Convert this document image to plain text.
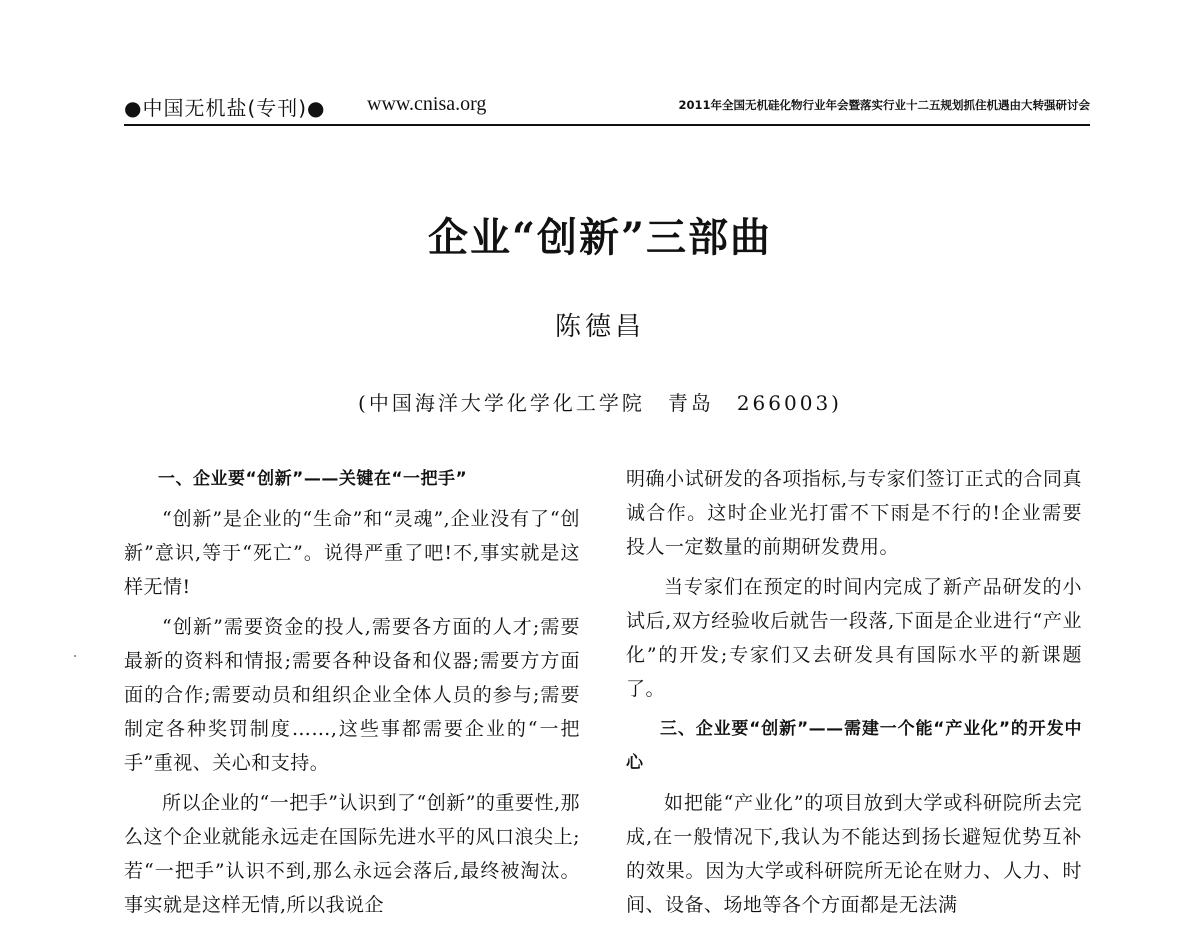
●中国无机盐(专刊)● www.cnisa.org	2011年全国无机硅化物行业年会暨落实行业十二五规划抓住机遇由大转强研讨会
企业“创新”三部曲
陈德昌
(中国海洋大学化学化工学院　青岛　266003)

一、企业要“创新”——关键在“一把手”

“创新”是企业的“生命”和“灵魂”,企业没有了“创新”意识,等于“死亡”。说得严重了吧!不,事实就是这样无情!

“创新”需要资金的投人,需要各方面的人才;需要最新的资料和情报;需要各种设备和仪器;需要方方面面的合作;需要动员和组织企业全体人员的参与;需要制定各种奖罚制度……,这些事都需要企业的“一把手”重视、关心和支持。

所以企业的“一把手”认识到了“创新”的重要性,那么这个企业就能永远走在国际先进水平的风口浪尖上;若“一把手”认识不到,那么永远会落后,最终被淘汰。事实就是这样无情,所以我说企

明确小试研发的各项指标,与专家们签订正式的合同真诚合作。这时企业光打雷不下雨是不行的!企业需要投人一定数量的前期研发费用。

当专家们在预定的时间内完成了新产品研发的小试后,双方经验收后就告一段落,下面是企业进行“产业化”的开发;专家们又去研发具有国际水平的新课题了。

三、企业要“创新”——需建一个能“产业化”的开发中心

如把能“产业化”的项目放到大学或科研院所去完成,在一般情况下,我认为不能达到扬长避短优势互补的效果。因为大学或科研院所无论在财力、人力、时间、设备、场地等各个方面都是无法满
